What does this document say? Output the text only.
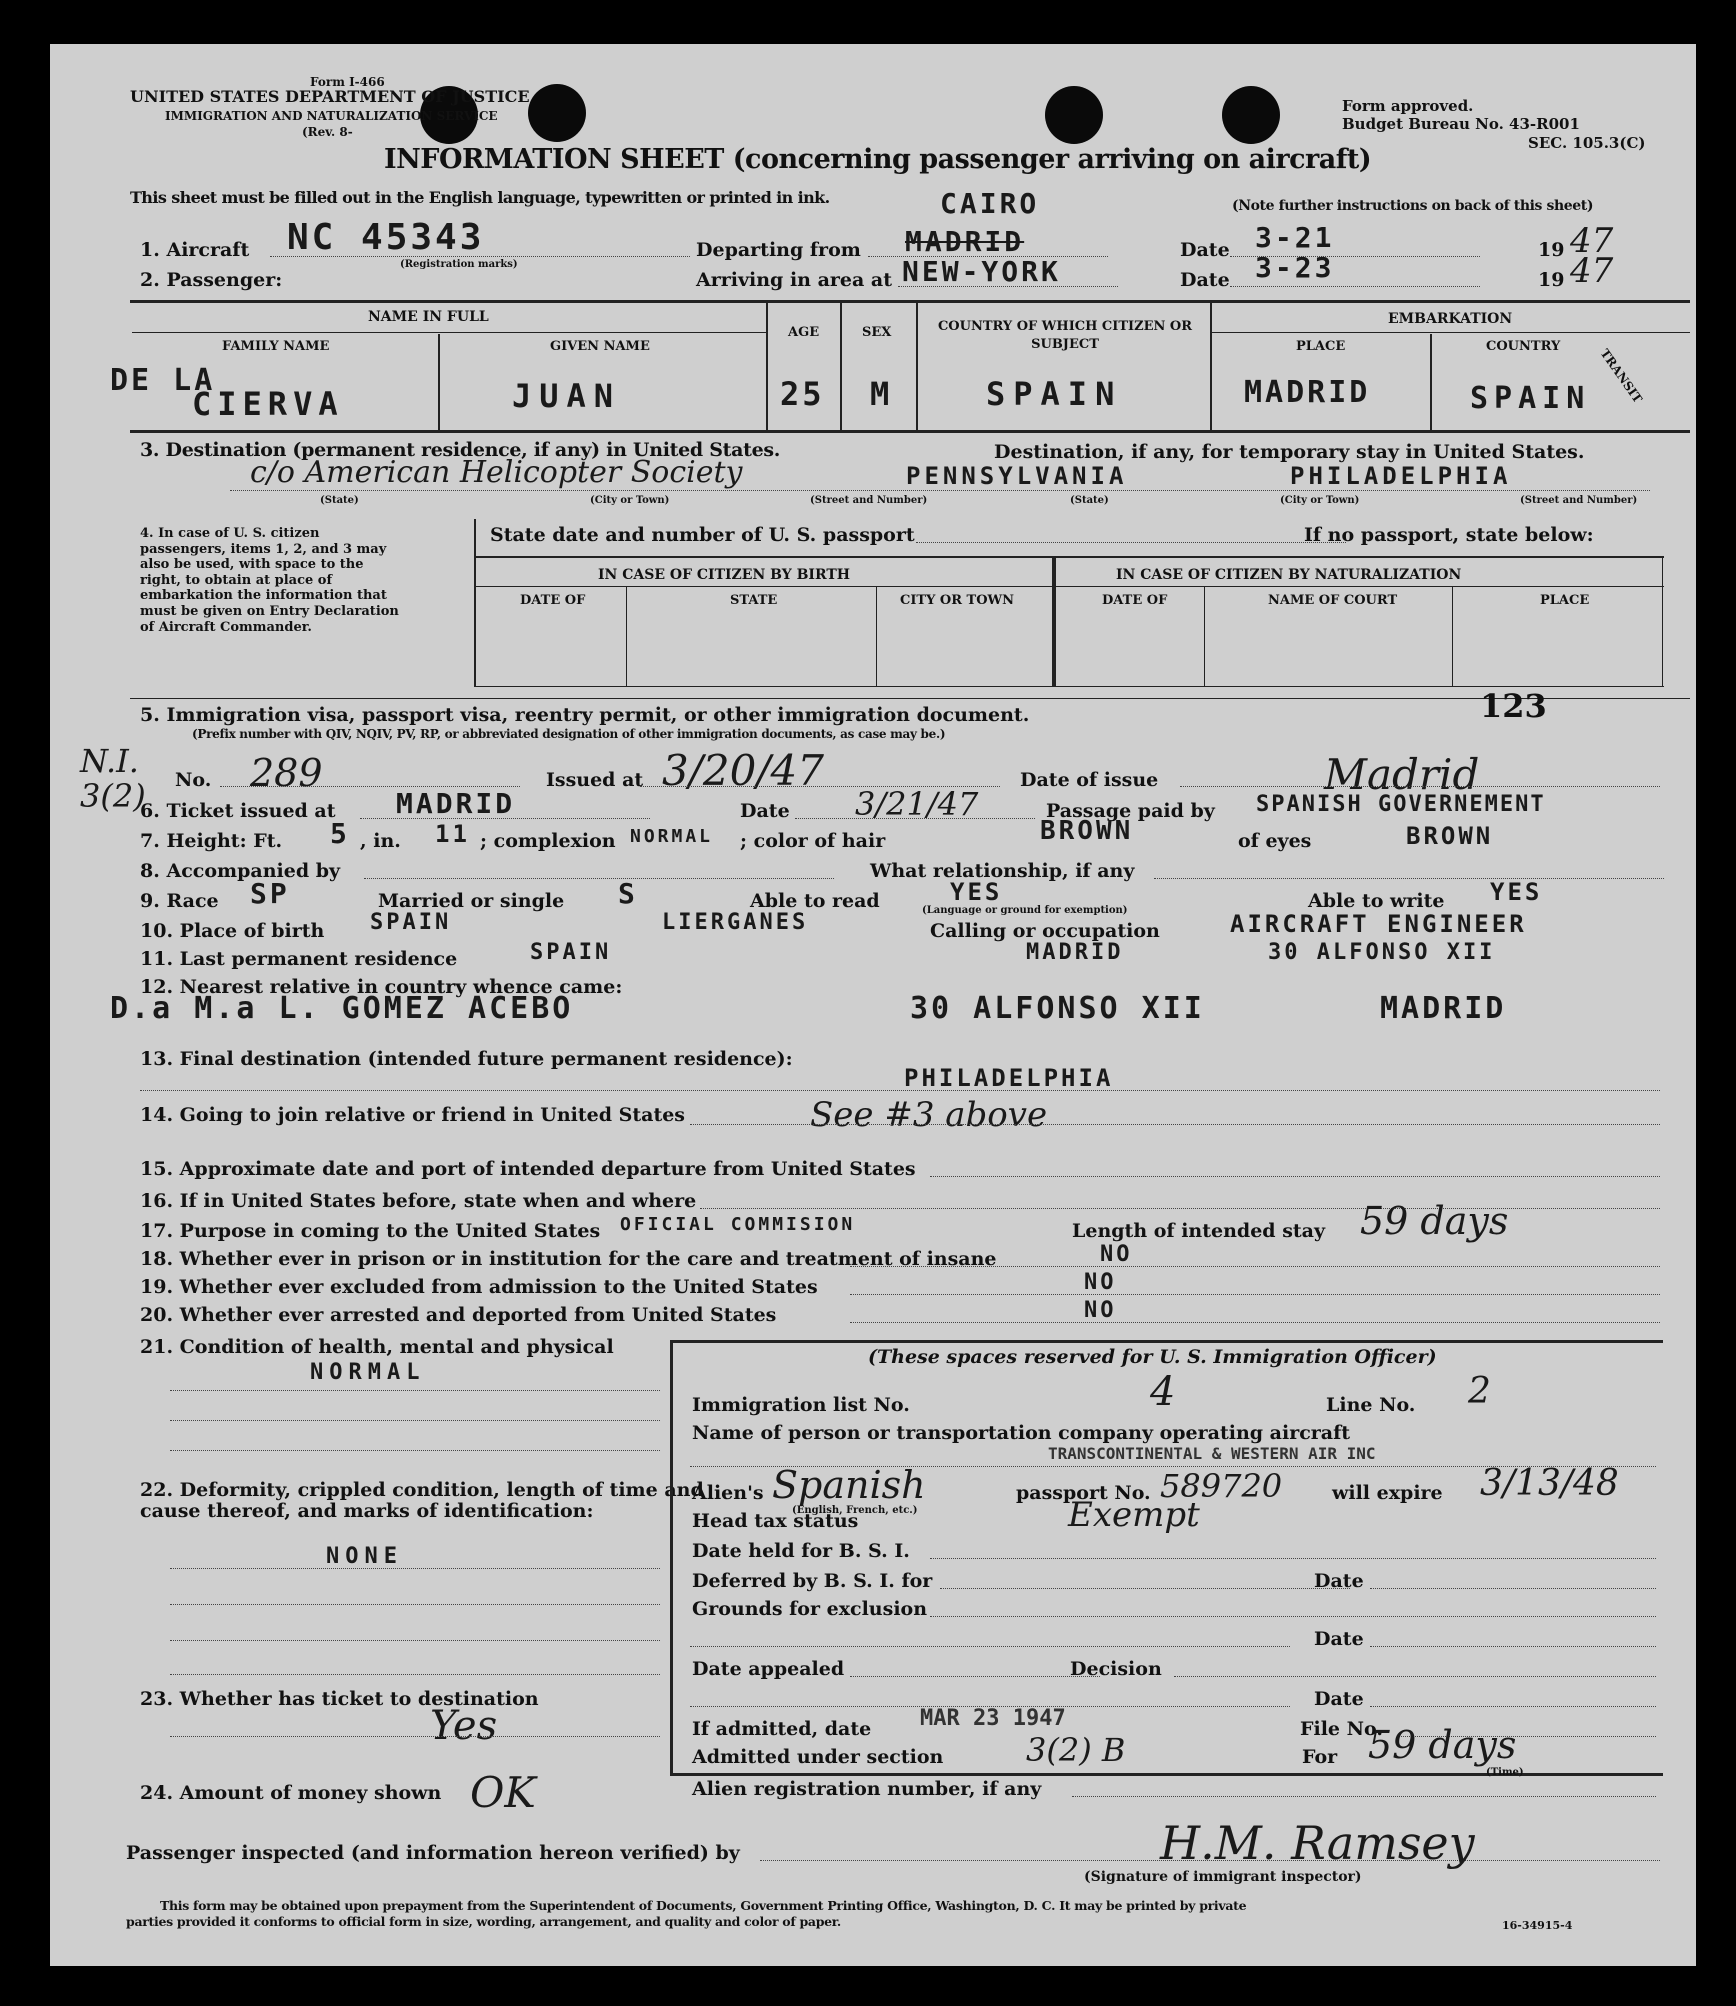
Form I-466
UNITED STATES DEPARTMENT OF JUSTICE
IMMIGRATION AND NATURALIZATION SERVICE
(Rev. 8-
Form approved.
Budget Bureau No. 43-R001
SEC. 105.3(C)
INFORMATION SHEET (concerning passenger arriving on aircraft)
This sheet must be filled out in the English language, typewritten or printed in ink.	(Note further instructions on back of this sheet)
1. Aircraft NC 45343
(Registration marks)
Departing from MADRID
CAIRO
Date 3-21	19 47
2. Passenger:	Arriving in area at NEW-YORK	Date 3-23	19 47
NAME IN FULL
FAMILY NAME	GIVEN NAME
AGE	SEX	COUNTRY OF WHICH CITIZEN OR SUBJECT
EMBARKATION
PLACE	COUNTRY
DE LA
CIERVA	JUAN	25 M	SPAIN	MADRID	SPAIN TRANSIT
3. Destination (permanent residence, if any) in United States.	Destination, if any, for temporary stay in United States.
c/o American Helicopter Society	PENNSYLVANIA	PHILADELPHIA
(State)	(City or Town)	(Street and Number)	(State)	(City or Town)	(Street and Number)
4. In case of U. S. citizen passengers, items 1, 2, and 3 may also be used, with space to the right, to obtain at place of embarkation the information that must be given on Entry Declaration of Aircraft Commander.
State date and number of U. S. passport	If no passport, state below:
IN CASE OF CITIZEN BY BIRTH	IN CASE OF CITIZEN BY NATURALIZATION
DATE OF	STATE	CITY OR TOWN	DATE OF	NAME OF COURT	PLACE
5. Immigration visa, passport visa, reentry permit, or other immigration document.	123
(Prefix number with QIV, NQIV, PV, RP, or abbreviated designation of other immigration documents, as case may be.)
N.I. 3(2) No. 289	Issued at 3/20/47	Date of issue	Madrid
6. Ticket issued at MADRID	Date 3/21/47	Passage paid by SPANISH GOVERNEMENT
7. Height: Ft. 5 , in. 11 ; complexion NORMAL ; color of hair	BROWN	of eyes	BROWN
8. Accompanied by	What relationship, if any
9. Race SP	Married or single S	Able to read	YES
(Language or ground for exemption)	Able to write YES
10. Place of birth SPAIN	LIERGANES	Calling or occupation	AIRCRAFT ENGINEER
11. Last permanent residence	SPAIN	MADRID	30 ALFONSO XII
12. Nearest relative in country whence came:
D.a M.a L. GOMEZ ACEBO	30 ALFONSO XII	MADRID
13. Final destination (intended future permanent residence):
PHILADELPHIA
14. Going to join relative or friend in United States	See #3 above
15. Approximate date and port of intended departure from United States
16. If in United States before, state when and where
17. Purpose in coming to the United States OFICIAL COMMISION	Length of intended stay 59 days
18. Whether ever in prison or in institution for the care and treatment of insane	NO
19. Whether ever excluded from admission to the United States	NO
20. Whether ever arrested and deported from United States	NO
21. Condition of health, mental and physical
NORMAL
22. Deformity, crippled condition, length of time and cause thereof, and marks of identification:
NONE
23. Whether has ticket to destination
Yes
24. Amount of money shown OK
(These spaces reserved for U. S. Immigration Officer)
Immigration list No.	4	Line No. 2
Name of person or transportation company operating aircraft
TRANSCONTINENTAL & WESTERN AIR INC
Alien's Spanish
(English, French, etc.)
passport No. 589720	will expire 3/13/48
Head tax status	Exempt
Date held for B. S. I.
Deferred by B. S. I. for	Date
Grounds for exclusion
Date
Date appealed	Decision
Date
If admitted, date MAR 23 1947	File No.
Admitted under section	3(2) B	For 59 days
(Time)
Alien registration number, if any
Passenger inspected (and information hereon verified) by	H.M. Ramsey
(Signature of immigrant inspector)
This form may be obtained upon prepayment from the Superintendent of Documents, Government Printing Office, Washington, D. C. It may be printed by private
parties provided it conforms to official form in size, wording, arrangement, and quality and color of paper.	16-34915-4
